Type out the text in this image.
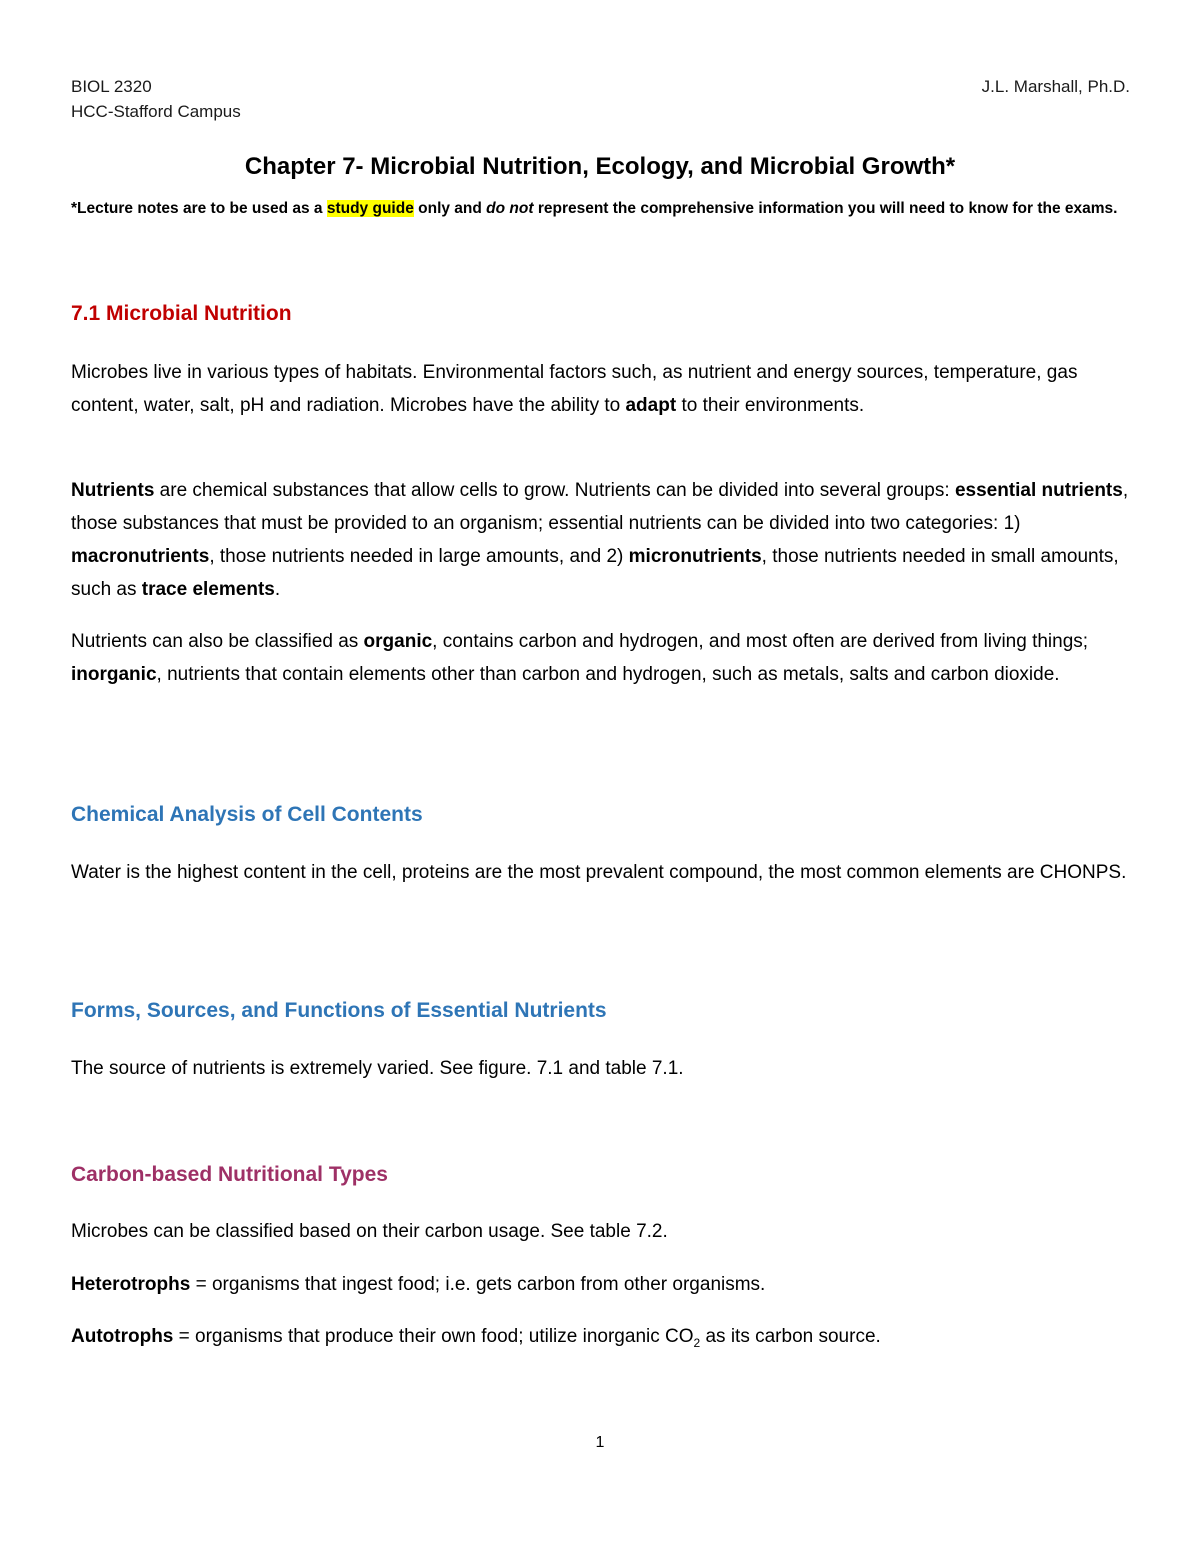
BIOL 2320
HCC-Stafford Campus
J.L. Marshall, Ph.D.
Chapter 7- Microbial Nutrition, Ecology, and Microbial Growth*
*Lecture notes are to be used as a study guide only and do not represent the comprehensive information you will need to know for the exams.
7.1 Microbial Nutrition

Microbes live in various types of habitats. Environmental factors such, as nutrient and energy sources, temperature, gas content, water, salt, pH and radiation. Microbes have the ability to adapt to their environments.

Nutrients are chemical substances that allow cells to grow. Nutrients can be divided into several groups: essential nutrients, those substances that must be provided to an organism; essential nutrients can be divided into two categories: 1) macronutrients, those nutrients needed in large amounts, and 2) micronutrients, those nutrients needed in small amounts, such as trace elements.

Nutrients can also be classified as organic, contains carbon and hydrogen, and most often are derived from living things; inorganic, nutrients that contain elements other than carbon and hydrogen, such as metals, salts and carbon dioxide.

Chemical Analysis of Cell Contents

Water is the highest content in the cell, proteins are the most prevalent compound, the most common elements are CHONPS.

Forms, Sources, and Functions of Essential Nutrients

The source of nutrients is extremely varied. See figure. 7.1 and table 7.1.

Carbon-based Nutritional Types

Microbes can be classified based on their carbon usage. See table 7.2.

Heterotrophs = organisms that ingest food; i.e. gets carbon from other organisms.

Autotrophs = organisms that produce their own food; utilize inorganic $CO_2$ as its carbon source.

1
